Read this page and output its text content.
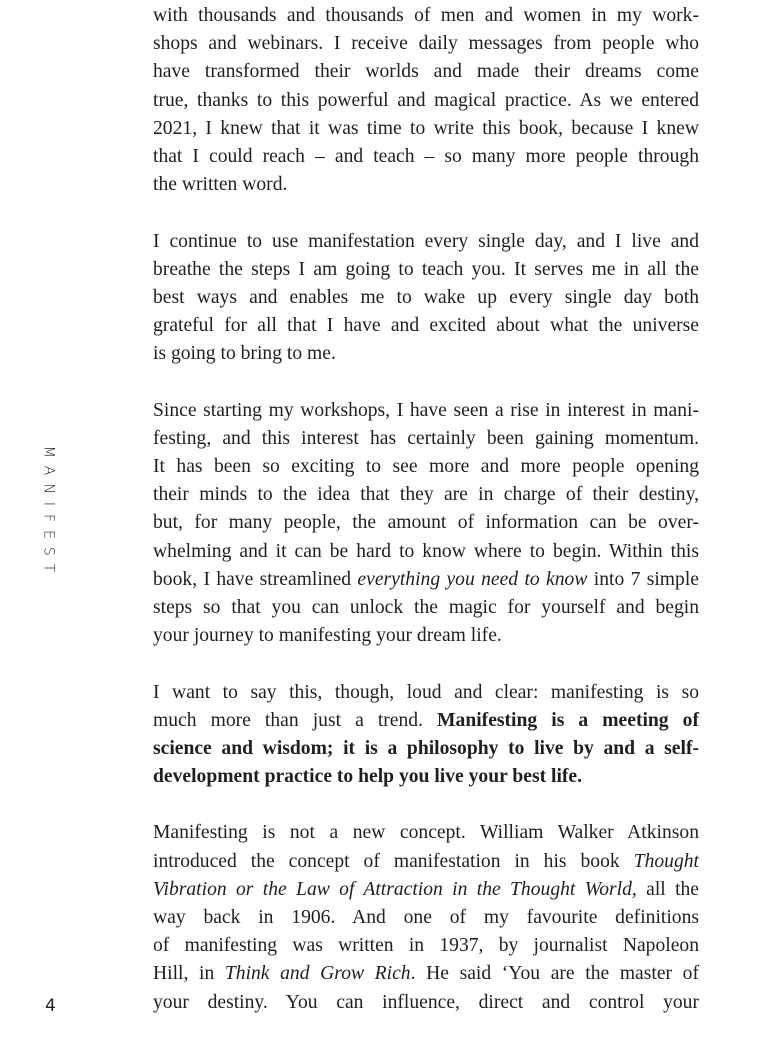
MANIFEST
4
with thousands and thousands of men and women in my work-
shops and webinars. I receive daily messages from people who
have transformed their worlds and made their dreams come
true, thanks to this powerful and magical practice. As we entered
2021, I knew that it was time to write this book, because I knew
that I could reach – and teach – so many more people through
the written word.
I continue to use manifestation every single day, and I live and
breathe the steps I am going to teach you. It serves me in all the
best ways and enables me to wake up every single day both
grateful for all that I have and excited about what the universe
is going to bring to me.
Since starting my workshops, I have seen a rise in interest in mani-
festing, and this interest has certainly been gaining momentum.
It has been so exciting to see more and more people opening
their minds to the idea that they are in charge of their destiny,
but, for many people, the amount of information can be over-
whelming and it can be hard to know where to begin. Within this
book, I have streamlined everything you need to know into 7 simple
steps so that you can unlock the magic for yourself and begin
your journey to manifesting your dream life.
I want to say this, though, loud and clear: manifesting is so
much more than just a trend. Manifesting is a meeting of
science and wisdom; it is a philosophy to live by and a self-
development practice to help you live your best life.
Manifesting is not a new concept. William Walker Atkinson
introduced the concept of manifestation in his book Thought
Vibration or the Law of Attraction in the Thought World, all the
way back in 1906. And one of my favourite definitions
of manifesting was written in 1937, by journalist Napoleon
Hill, in Think and Grow Rich. He said ‘You are the master of
your destiny. You can influence, direct and control your
